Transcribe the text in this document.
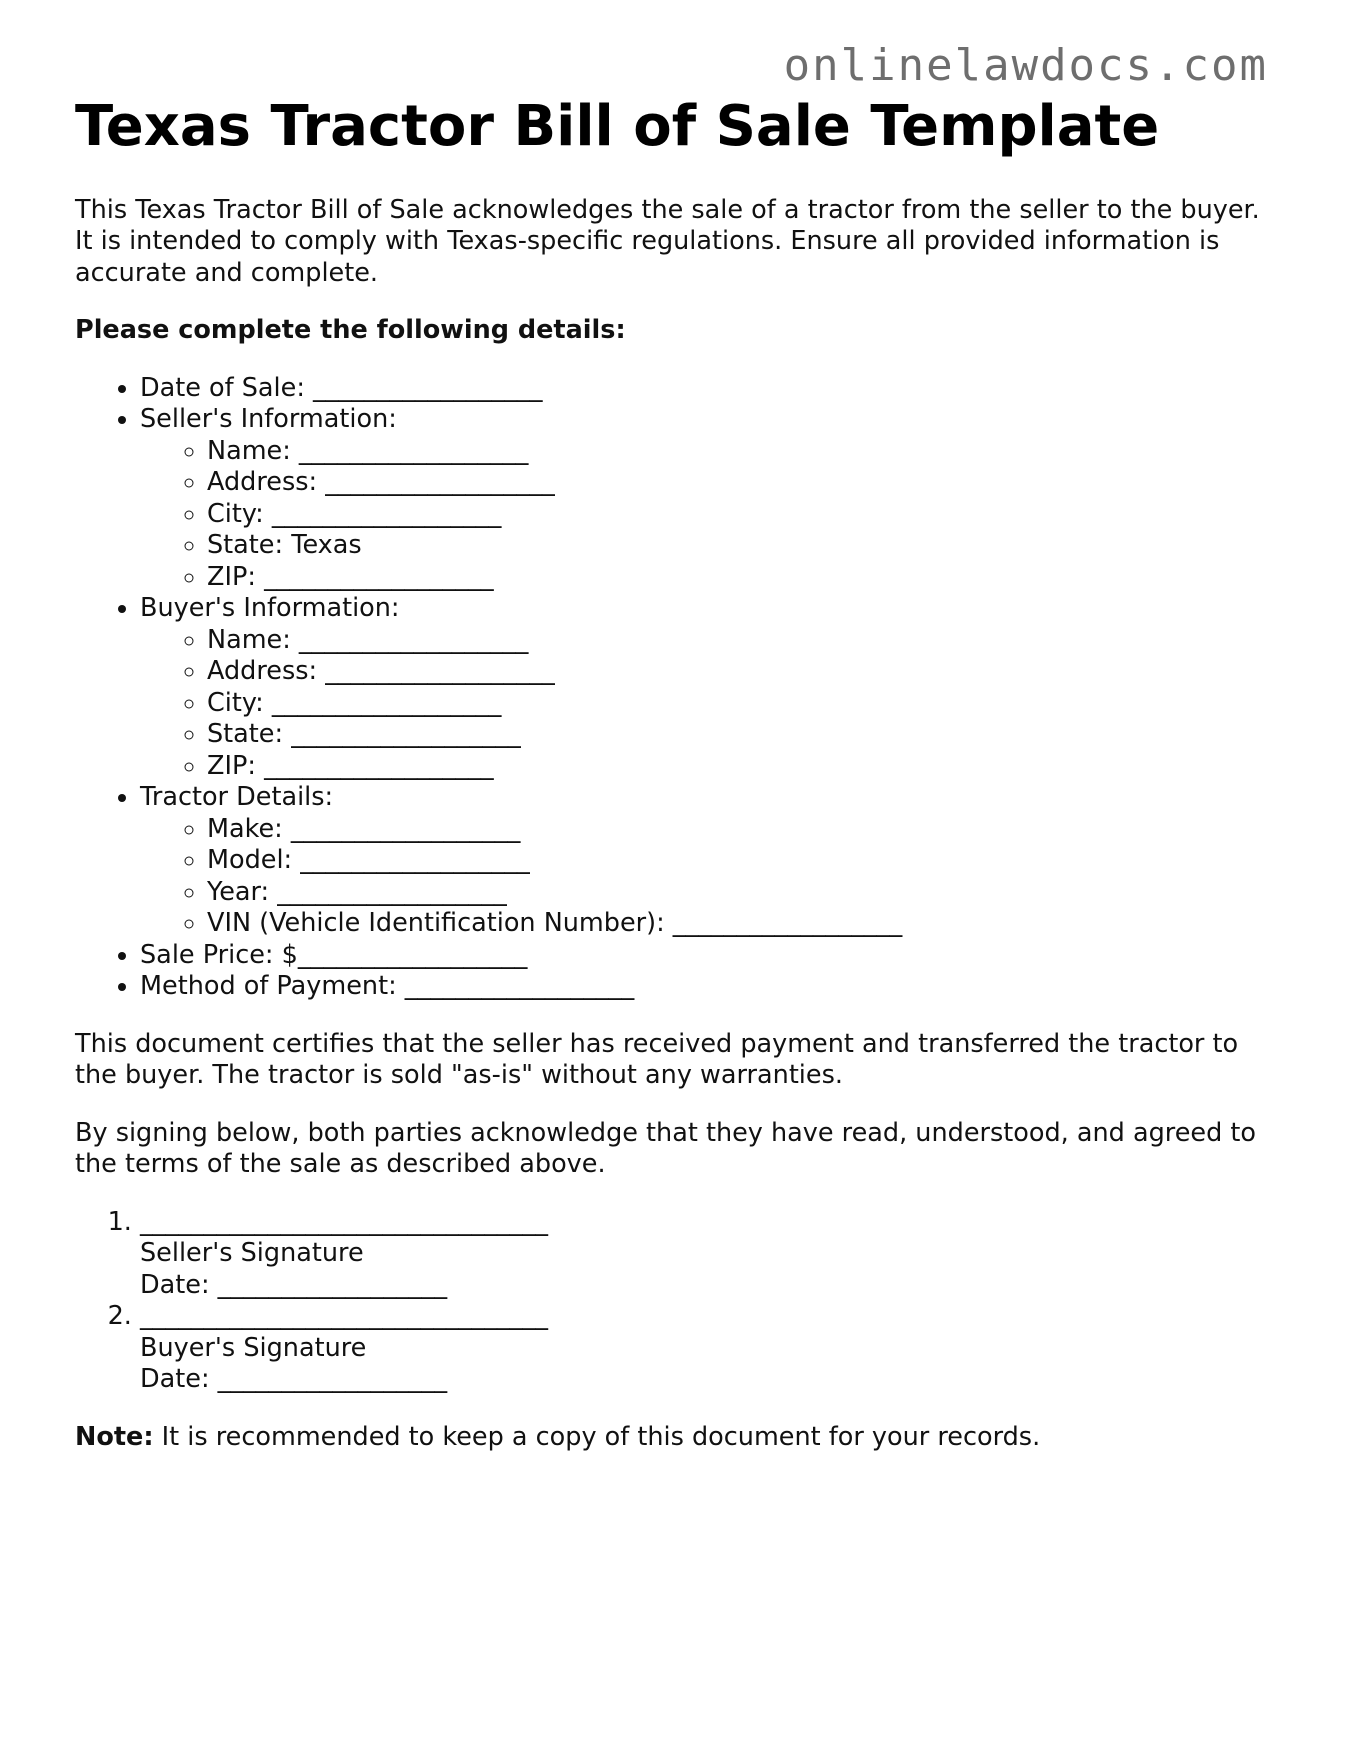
onlinelawdocs.com
Texas Tractor Bill of Sale Template

This Texas Tractor Bill of Sale acknowledges the sale of a tractor from the seller to the buyer. It is intended to comply with Texas-specific regulations. Ensure all provided information is accurate and complete.

Please complete the following details:

• Date of Sale: __________________
• Seller's Information:
◦ Name: __________________
◦ Address: __________________
◦ City: __________________
◦ State: Texas
◦ ZIP: __________________
• Buyer's Information:
◦ Name: __________________
◦ Address: __________________
◦ City: __________________
◦ State: __________________
◦ ZIP: __________________
• Tractor Details:
◦ Make: __________________
◦ Model: __________________
◦ Year: __________________
◦ VIN (Vehicle Identification Number): __________________
• Sale Price: $__________________
• Method of Payment: __________________

This document certifies that the seller has received payment and transferred the tractor to the buyer. The tractor is sold "as-is" without any warranties.

By signing below, both parties acknowledge that they have read, understood, and agreed to the terms of the sale as described above.

1. ________________________________
Seller's Signature
Date: __________________
2. ________________________________
Buyer's Signature
Date: __________________

Note: It is recommended to keep a copy of this document for your records.
